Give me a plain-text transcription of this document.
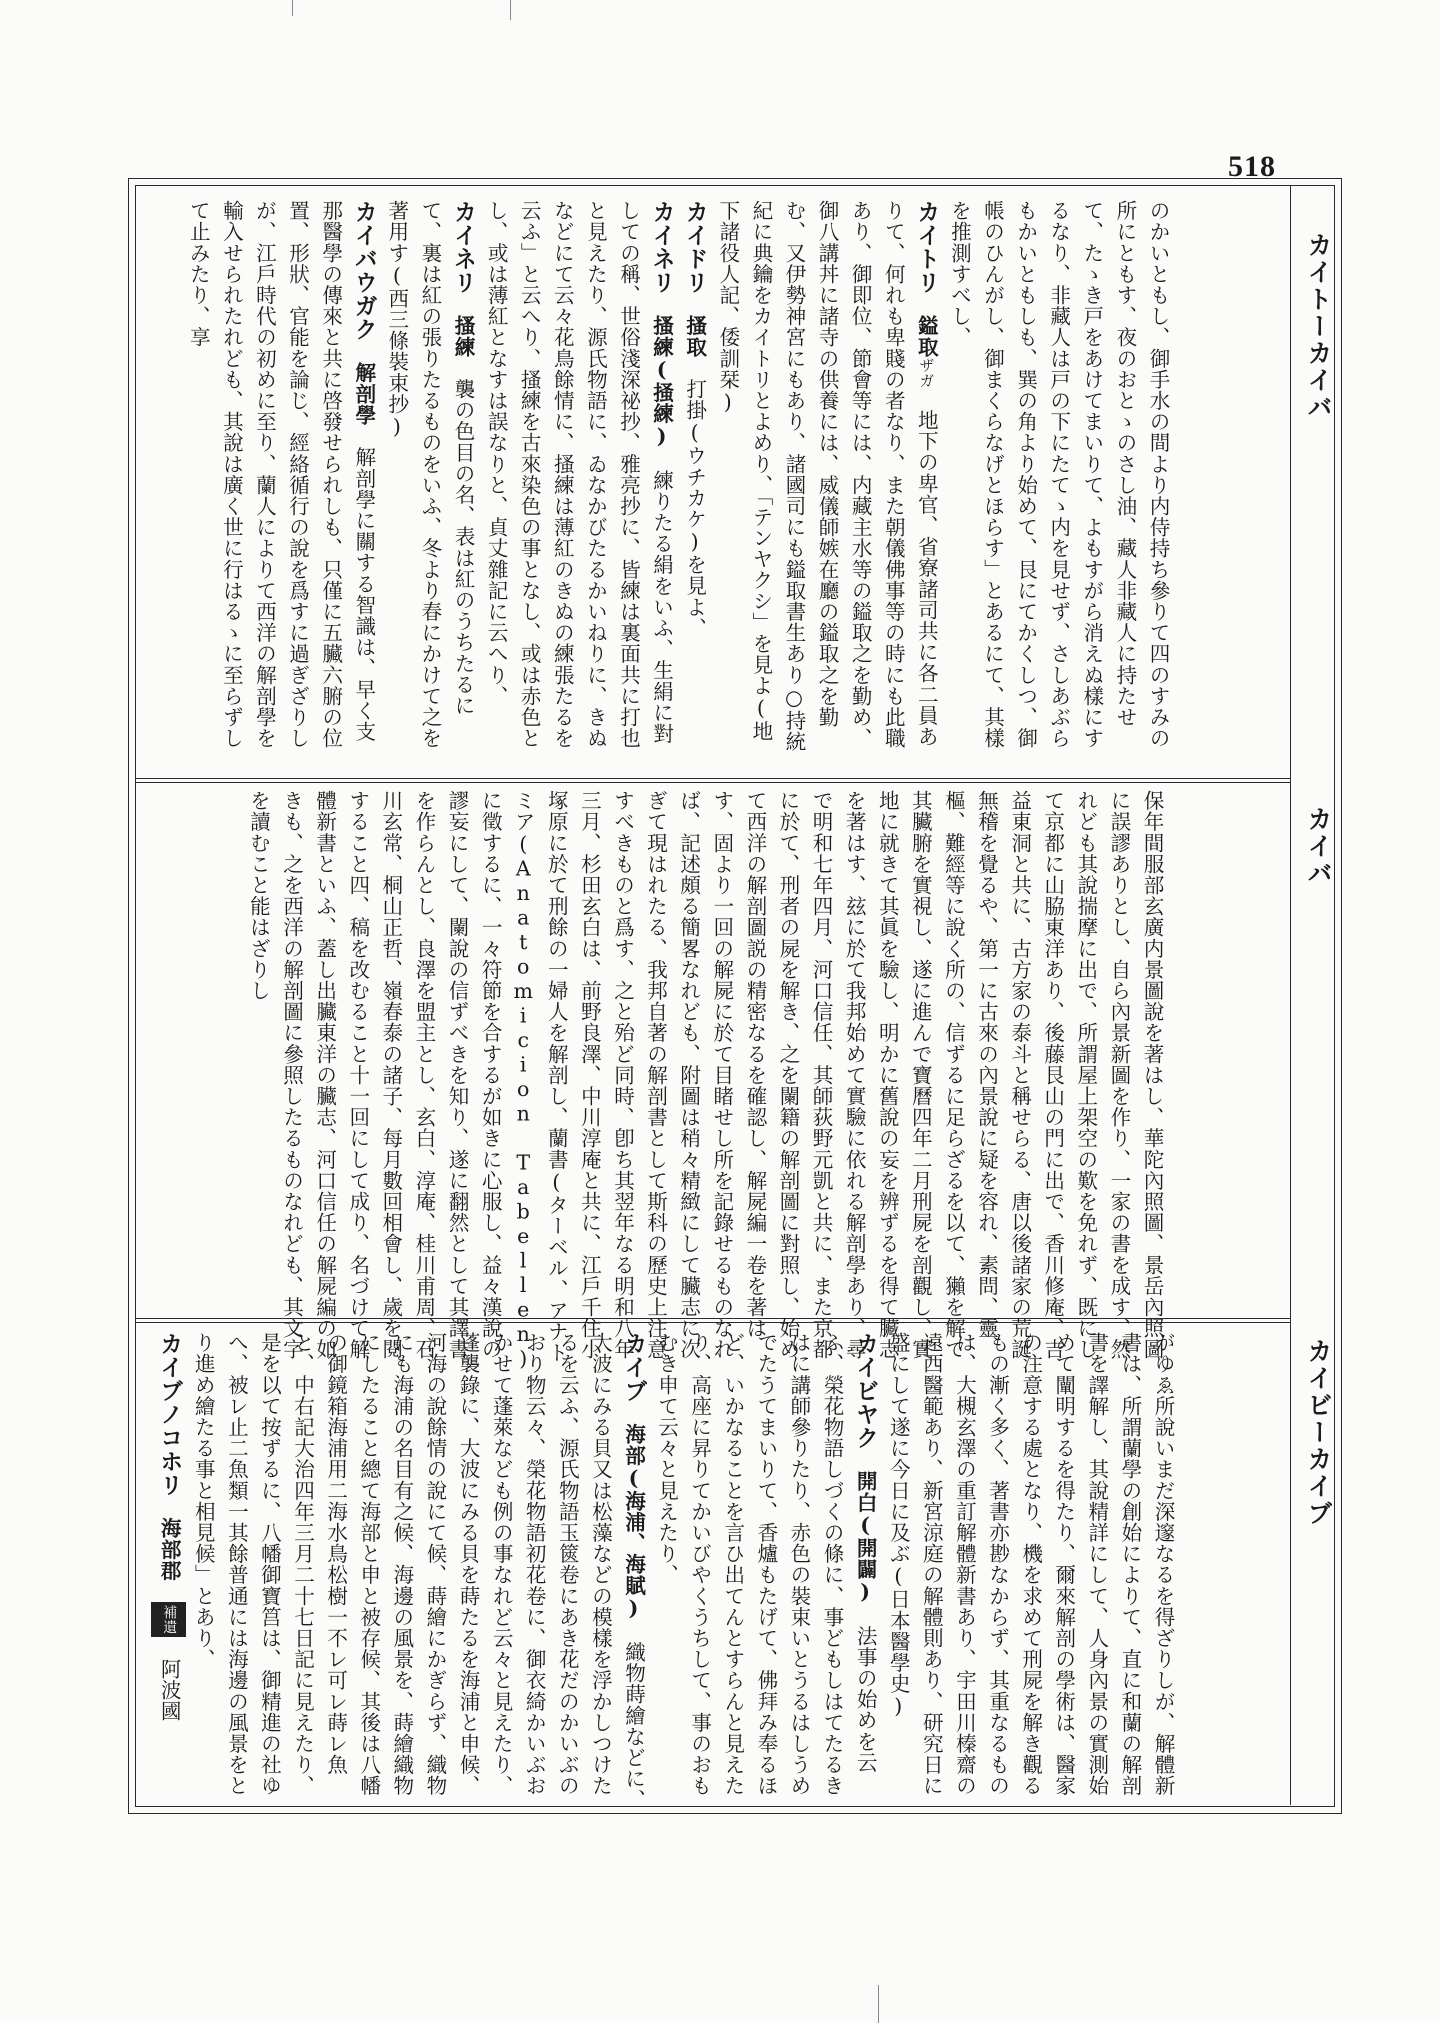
518
カイトーカイバ
カイバ
カイビーカイブ
のかいともし、御手水の間より内侍持ち參りて四のすみの所にともす、夜のおとゝのさし油、藏人非藏人に持たせて、たゝき戸をあけてまいりて、よもすがら消えぬ樣にするなり、非藏人は戸の下にたてゝ内を見せず、さしあぶらもかいともしも、巽の角より始めて、艮にてかくしつ、御帳のひんがし、御まくらなげとほらす」とあるにて、其樣を推測すべし、
カイトリ　鎰取ザガ　地下の卑官、省寮諸司共に各二員ありて、何れも卑賤の者なり、また朝儀佛事等の時にも此職あり、御即位、節會等には、内藏主水等の鎰取之を勤め、御八講丼に諸寺の供養には、威儀師嫉在廳の鎰取之を勤む、又伊勢神宮にもあり、諸國司にも鎰取書生あり○持統紀に典鑰をカイトリとよめり、「テンヤクシ」を見よ(地下諸役人記、倭訓栞)
カイドリ　搔取　打掛(ウチカケ)を見よ、
カイネリ　搔練(掻練)　練りたる絹をいふ、生絹に對しての稱、世俗淺深祕抄、雅亮抄に、皆練は裏面共に打也と見えたり、源氏物語に、ゐなかびたるかいねりに、きぬなどにて云々花鳥餘情に、搔練は薄紅のきぬの練張たるを云ふ」と云へり、搔練を古來染色の事となし、或は赤色とし、或は薄紅となすは誤なりと、貞丈雜記に云へり、
カイネリ　搔練　襲の色目の名、表は紅のうちたるにて、裏は紅の張りたるものをいふ、冬より春にかけて之を著用す(西三條裝束抄)
カイバウガク　解剖學　解剖學に關する智識は、早く支那醫學の傳來と共に啓發せられしも、只僅に五臟六腑の位置、形狀、官能を論じ、經絡循行の說を爲すに過ぎざりしが、江戶時代の初めに至り、蘭人によりて西洋の解剖學を輸入せられたれども、其說は廣く世に行はるゝに至らずして止みたり、享
保年間服部玄廣内景圖說を著はし、華陀內照圖、景岳內照圖に誤謬ありとし、自ら內景新圖を作り、一家の書を成す、然れども其說揣摩に出で、所謂屋上架空の歎を免れず、既にして京都に山脇東洋あり、後藤艮山の門に出で、香川修庵、吉益東洞と共に、古方家の泰斗と稱せらる、唐以後諸家の荒誕無稽を覺るや、第一に古來の內景說に疑を容れ、素問、靈樞、難經等に說く所の、信ずるに足らざるを以て、獺を解て其臟腑を實視し、遂に進んで寶曆四年二月刑屍を剖觀し、實地に就きて其眞を驗し、明かに舊說の妄を辨ずるを得て臟志を著はす、玆に於て我邦始めて實驗に依れる解剖學あり、尋で明和七年四月、河口信任、其師荻野元凱と共に、また京都に於て、刑者の屍を解き、之を闌籍の解剖圖に對照し、始めて西洋の解剖圖説の精密なるを確認し、解屍編一卷を著はす、固より一回の解屍に於て目睹せし所を記錄せるものなれば、記述頗る簡畧なれども、附圖は稍々精緻にして臟志に次ぎて現はれたる、我邦自著の解剖書として斯科の歷史上注意すべきものと爲す、之と殆ど同時、卽ち其翌年なる明和八年三月、杉田玄白は、前野良澤、中川淳庵と共に、江戶千住小塚原に於て刑餘の一婦人を解剖し、蘭書(ターベル、アナトミア(Anatomicion Tabellen)に徵するに、一々符節を合するが如きに心服し、益々漢說の謬妄にして、闌說の信ずべきを知り、遂に翻然として其譯書を作らんとし、良澤を盟主とし、玄白、淳庵、桂川甫周、石川玄常、桐山正哲、嶺春泰の諸子、每月數回相會し、歲を閱すること四、稿を改むること十一回にして成り、名づけて解體新書といふ、蓋し出臟東洋の臟志、河口信任の解屍編の如きも、之を西洋の解剖圖に參照したるものなれども、其文字を讀むこと能はざりし
がゆゑ所說いまだ深邃なるを得ざりしが、解體新書は、所謂蘭學の創始によりて、直に和蘭の解剖書を譯解し、其說精詳にして、人身內景の實測始めて闡明するを得たり、爾來解剖の學術は、醫家の注意する處となり、機を求めて刑屍を解き觀るもの漸く多く、著書亦尠なからず、其重なるものは、大槻玄澤の重訂解體新書あり、宇田川榛齋の遠西醫範あり、新宮涼庭の解體則あり、研究日に盛にして遂に今日に及ぶ(日本醫學史)
カイビヤク　開白(開闢)　法事の始めを云ふ、榮花物語しづくの條に、事どもしはてたるきはに講師參りたり、赤色の裝束いとうるはしうめでたうてまいりて、香爐もたげて、佛拜み奉るほど、いかなることを言ひ出てんとすらんと見えたり、高座に昇りてかいびやくうちして、事のおもむき申て云々と見えたり、
カイブ　海部(海浦、海賦)　織物蒔繪などに、大波にみる貝又は松藻などの模樣を浮かしつけたるを云ふ、源氏物語玉篋卷にあき花だのかいぶのおり物云々、榮花物語初花卷に、御衣綺かいぶおかせて蓬萊なども例の事なれど云々と見えたり、蓬襲錄に、大波にみる貝を蒔たるを海浦と申候、河海の說餘情の說にて候、蒔繪にかぎらず、織物にも海浦の名目有之候、海邊の風景を、蒔繪織物にしたること總て海部と申と被存候、其後は八幡の御鏡箱海浦用二海水鳥松樹一不レ可レ蒔レ魚と、中右記大治四年三月二十七日記に見えたり、是を以て按ずるに、八幡御寶筥は、御精進の社ゆへ、被レ止二魚類一其餘普通には海邊の風景をとり進め繪たる事と相見候」とあり、
カイブノコホリ　海部郡　補遺　阿波國
